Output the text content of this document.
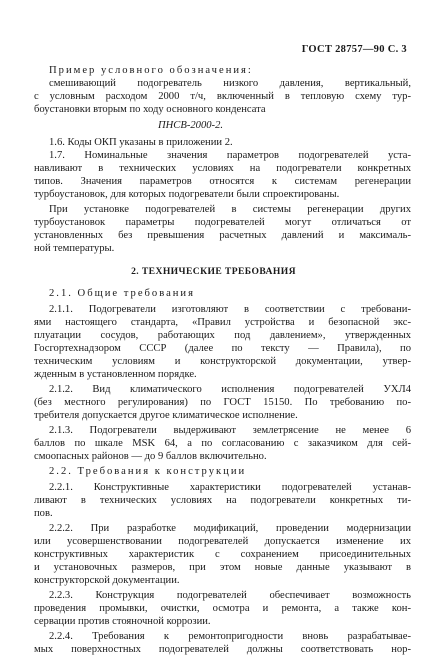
ГОСТ 28757—90 С. 3
Пример условного обозначения:
смешивающий подогреватель низкого давления, вертикальный,
с условным расходом 2000 т/ч, включенный в тепловую схему тур-
боустановки вторым по ходу основного конденсата
ПНСВ-2000-2.
1.6. Коды ОКП указаны в приложении 2.
1.7. Номинальные значения параметров подогревателей уста-
навливают в технических условиях на подогреватели конкретных
типов. Значения параметров относятся к системам регенерации
турбоустановок, для которых подогреватели были спроектированы.
При установке подогревателей в системы регенерации других
турбоустановок параметры подогревателей могут отличаться от
установленных без превышения расчетных давлений и максималь-
ной температуры.
2. ТЕХНИЧЕСКИЕ ТРЕБОВАНИЯ
2.1. Общие требования
2.1.1. Подогреватели изготовляют в соответствии с требовани-
ями настоящего стандарта, «Правил устройства и безопасной экс-
плуатации сосудов, работающих под давлением», утвержденных
Госгортехнадзором СССР (далее по тексту — Правила), по
техническим условиям и конструкторской документации, утвер-
жденным в установленном порядке.
2.1.2. Вид климатического исполнения подогревателей УХЛ4
(без местного регулирования) по ГОСТ 15150. По требованию по-
требителя допускается другое климатическое исполнение.
2.1.3. Подогреватели выдерживают землетрясение не менее 6
баллов по шкале MSK 64, а по согласованию с заказчиком для сей-
смоопасных районов — до 9 баллов включительно.
2.2. Требования к конструкции
2.2.1. Конструктивные характеристики подогревателей устанав-
ливают в технических условиях на подогреватели конкретных ти-
пов.
2.2.2. При разработке модификаций, проведении модернизации
или усовершенствовании подогревателей допускается изменение их
конструктивных характеристик с сохранением присоединительных
и установочных размеров, при этом новые данные указывают в
конструкторской документации.
2.2.3. Конструкция подогревателей обеспечивает возможность
проведения промывки, очистки, осмотра и ремонта, а также кон-
сервации против стояночной коррозии.
2.2.4. Требования к ремонтопригодности вновь разрабатывае-
мых поверхностных подогревателей должны соответствовать нор-
